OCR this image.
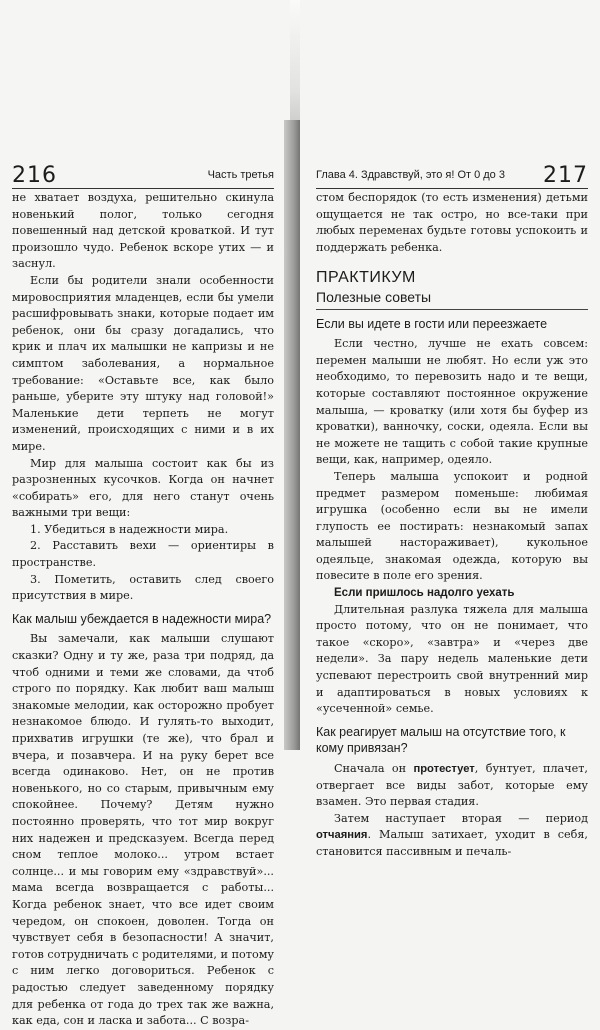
216	Часть третья

не хватает воздуха, решительно скинула новенький полог, только сегодня повешенный над детской кроваткой. И тут произошло чудо. Ребенок вскоре утих — и заснул.

Если бы родители знали особенности мировосприятия младенцев, если бы умели расшифровывать знаки, которые подает им ребенок, они бы сразу догадались, что крик и плач их малышки не капризы и не симптом заболевания, а нормальное требование: «Оставьте все, как было раньше, уберите эту штуку над головой!» Маленькие дети терпеть не могут изменений, происходящих с ними и в их мире.

Мир для малыша состоит как бы из разрозненных кусочков. Когда он начнет «собирать» его, для него станут очень важными три вещи:

1. Убедиться в надежности мира.

2. Расставить вехи — ориентиры в пространстве.

3. Пометить, оставить след своего присутствия в мире.

Как малыш убеждается в надежности мира?

Вы замечали, как малыши слушают сказки? Одну и ту же, раза три подряд, да чтоб одними и теми же словами, да чтоб строго по порядку. Как любит ваш малыш знакомые мелодии, как осторожно пробует незнакомое блюдо. И гулять-то выходит, прихватив игрушки (те же), что брал и вчера, и позавчера. И на руку берет все всегда одинаково. Нет, он не против новенького, но со старым, привычным ему спокойнее. Почему? Детям нужно постоянно проверять, что тот мир вокруг них надежен и предсказуем. Всегда перед сном теплое молоко... утром встает солнце... и мы говорим ему «здравствуй»... мама всегда возвращается с работы... Когда ребенок знает, что все идет своим чередом, он спокоен, доволен. Тогда он чувствует себя в безопасности! А значит, готов сотрудничать с родителями, и потому с ним легко договориться. Ребенок с радостью следует заведенному порядку для ребенка от года до трех так же важна, как еда, сон и ласка и забота... С возра-

Глава 4. Здравствуй, это я! От 0 до 3 217

стом беспорядок (то есть изменения) детьми ощущается не так остро, но все-таки при любых переменах будьте готовы успокоить и поддержать ребенка.

ПРАКТИКУМ
Полезные советы
Если вы идете в гости или переезжаете

Если честно, лучше не ехать совсем: перемен малыши не любят. Но если уж это необходимо, то перевозить надо и те вещи, которые составляют постоянное окружение малыша, — кроватку (или хотя бы буфер из кроватки), ванночку, соски, одеяла. Если вы не можете не тащить с собой такие крупные вещи, как, например, одеяло.

Теперь малыша успокоит и родной предмет размером поменьше: любимая игрушка (особенно если вы не имели глупость ее постирать: незнакомый запах малышей настораживает), кукольное одеяльце, знакомая одежда, которую вы повесите в поле его зрения.

Если пришлось надолго уехать

Длительная разлука тяжела для малыша просто потому, что он не понимает, что такое «скоро», «завтра» и «через две недели». За пару недель маленькие дети успевают перестроить свой внутренний мир и адаптироваться в новых условиях к «усеченной» семье.

Как реагирует малыш на отсутствие того, к кому привязан?

Сначала он протестует, бунтует, плачет, отвергает все виды забот, которые ему взамен. Это первая стадия.

Затем наступает вторая — период отчаяния. Малыш затихает, уходит в себя, становится пассивным и печаль-
